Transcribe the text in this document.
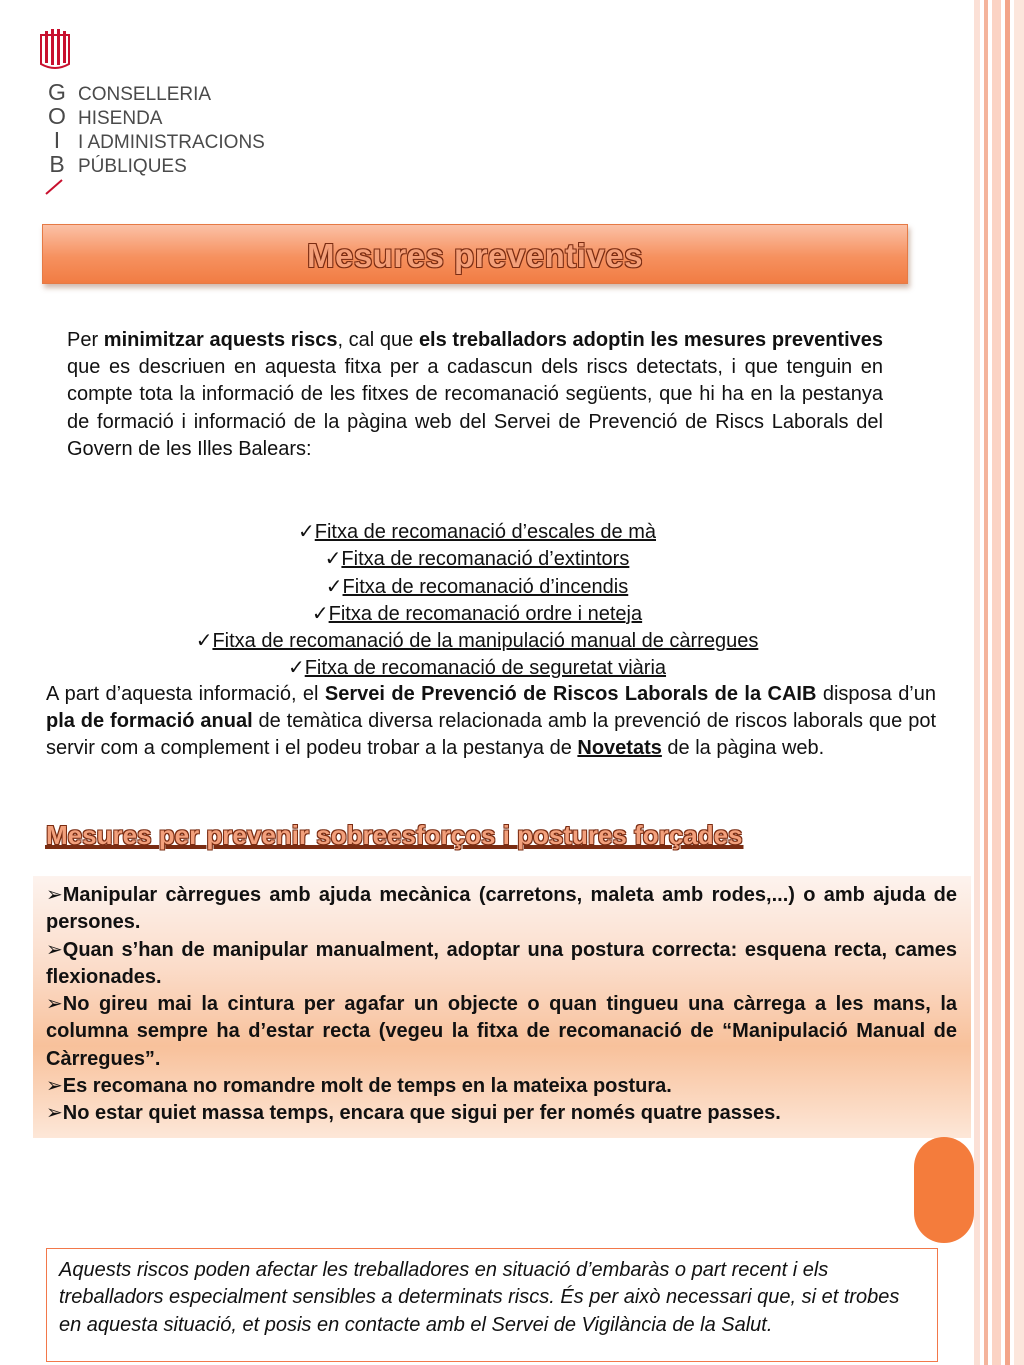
G
O
I
B
CONSELLERIA
HISENDA
I ADMINISTRACIONS
PÚBLIQUES
Mesures preventives

Per minimitzar aquests riscs, cal que els treballadors adoptin les mesures preventives que es descriuen en aquesta fitxa per a cadascun dels riscs detectats, i que tenguin en compte tota la informació de les fitxes de recomanació següents, que hi ha en la pestanya de formació i informació de la pàgina web del Servei de Prevenció de Riscs Laborals del Govern de les Illes Balears:

✓Fitxa de recomanació d’escales de mà
✓Fitxa de recomanació d’extintors
✓Fitxa de recomanació d’incendis
✓Fitxa de recomanació ordre i neteja
✓Fitxa de recomanació de la manipulació manual de càrregues
✓Fitxa de recomanació de seguretat viària

A part d’aquesta informació, el Servei de Prevenció de Riscos Laborals de la CAIB disposa d’un pla de formació anual de temàtica diversa relacionada amb la prevenció de riscos laborals que pot servir com a complement i el podeu trobar a la pestanya de Novetats de la pàgina web.

Mesures per prevenir sobreesforços i postures forçades
➢Manipular càrregues amb ajuda mecànica (carretons, maleta amb rodes,...) o amb ajuda de persones.
➢Quan s’han de manipular manualment, adoptar una postura correcta: esquena recta, cames flexionades.
➢No gireu mai la cintura per agafar un objecte o quan tingueu una càrrega a les mans, la columna sempre ha d’estar recta (vegeu la fitxa de recomanació de “Manipulació Manual de Càrregues”.
➢Es recomana no romandre molt de temps en la mateixa postura.
➢No estar quiet massa temps, encara que sigui per fer només quatre passes.
Aquests riscos poden afectar les treballadores en situació d’embaràs o part recent i els treballadors especialment sensibles a determinats riscs. És per això necessari que, si et trobes en aquesta situació, et posis en contacte amb el Servei de Vigilància de la Salut.
